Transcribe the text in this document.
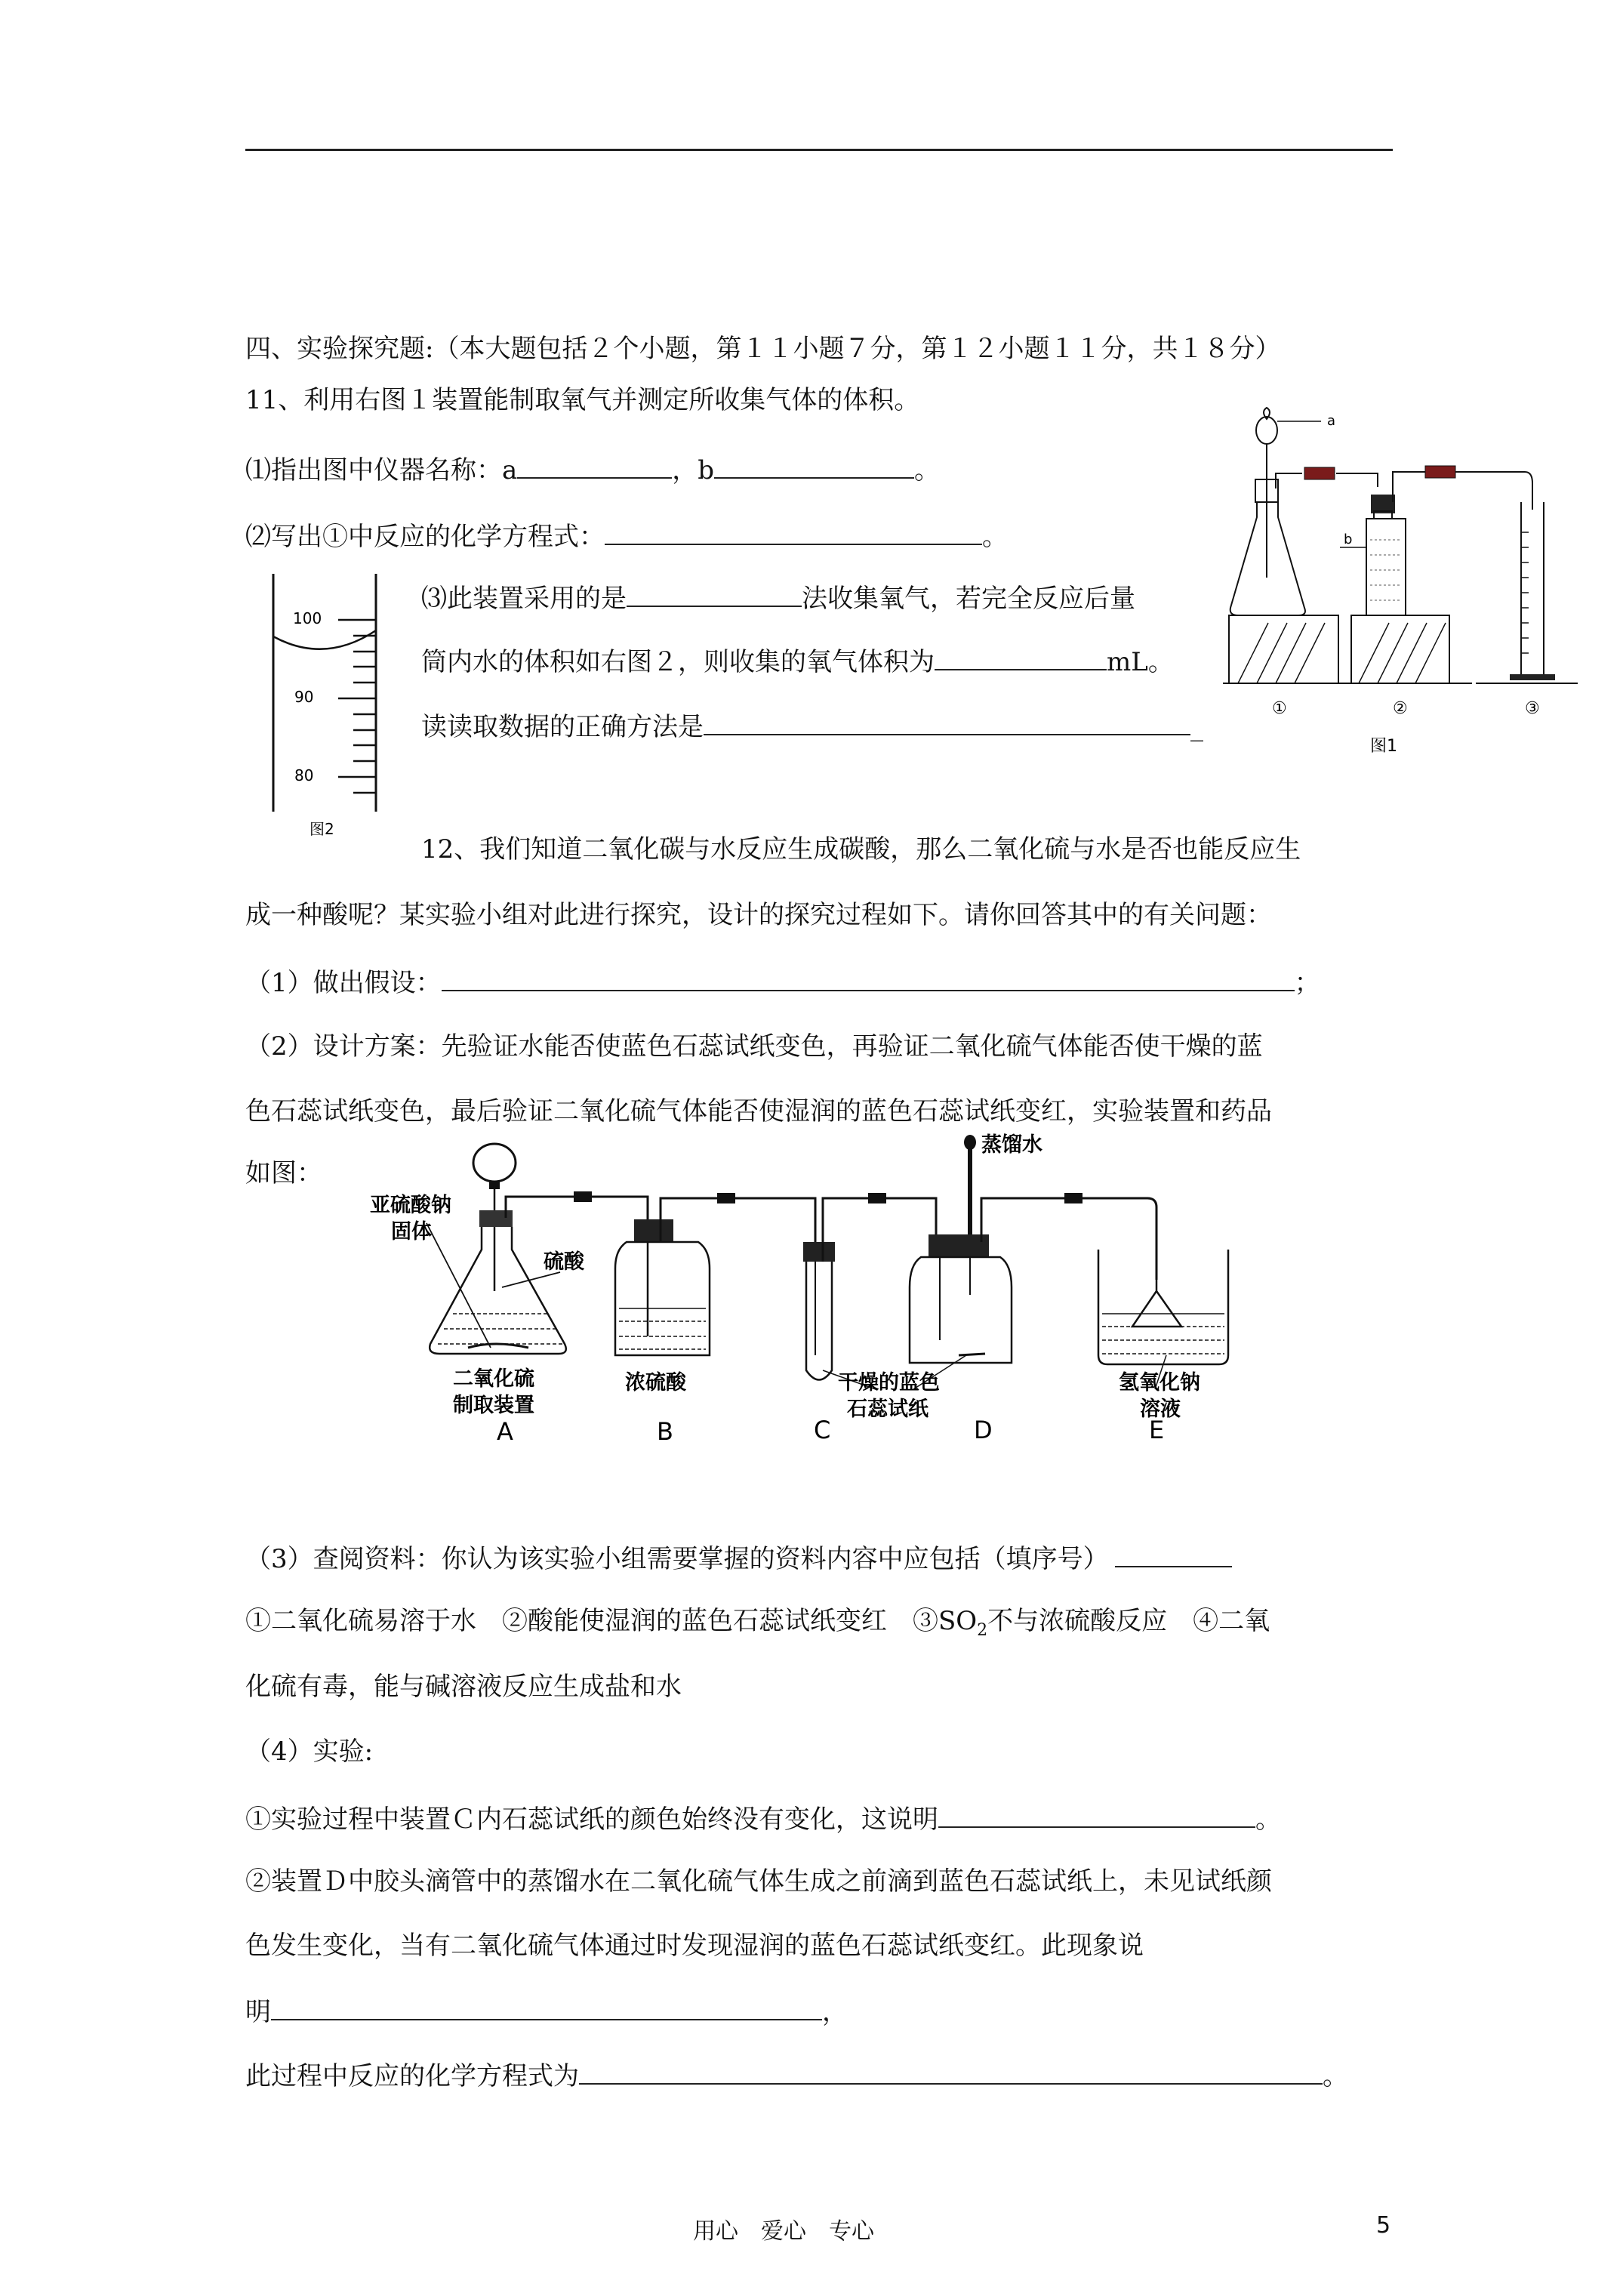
四、实验探究题:（本大题包括２个小题，第１１小题７分，第１２小题１１分，共１８分）
11、利用右图１装置能制取氧气并测定所收集气体的体积。
⑴指出图中仪器名称：a	，b	。
⑵写出①中反应的化学方程式：	。
⑶此装置采用的是	法收集氧气，若完全反应后量
筒内水的体积如右图２，则收集的氧气体积为	mL。
读读取数据的正确方法是	_
100
90
80
图2
a
b
①	②	③
图1
12、我们知道二氧化碳与水反应生成碳酸，那么二氧化硫与水是否也能反应生
成一种酸呢？某实验小组对此进行探究，设计的探究过程如下。请你回答其中的有关问题：
（1）做出假设：	；
（2）设计方案：先验证水能否使蓝色石蕊试纸变色，再验证二氧化硫气体能否使干燥的蓝
色石蕊试纸变色，最后验证二氧化硫气体能否使湿润的蓝色石蕊试纸变红，实验装置和药品
如图：
亚硫酸钠
固体
硫酸
二氧化硫
制取装置
浓硫酸	干燥的蓝色
石蕊试纸
蒸馏水
氢氧化钠
溶液
A	B	C	D	E
（3）查阅资料：你认为该实验小组需要掌握的资料内容中应包括（填序号）
①二氧化硫易溶于水　②酸能使湿润的蓝色石蕊试纸变红　$③SO_2$不与浓硫酸反应　④二氧
化硫有毒，能与碱溶液反应生成盐和水
（4）实验:
①实验过程中装置Ｃ内石蕊试纸的颜色始终没有变化，这说明	。
②装置Ｄ中胶头滴管中的蒸馏水在二氧化硫气体生成之前滴到蓝色石蕊试纸上，未见试纸颜
色发生变化，当有二氧化硫气体通过时发现湿润的蓝色石蕊试纸变红。此现象说
明	，
此过程中反应的化学方程式为	。
用心　爱心　专心	5
